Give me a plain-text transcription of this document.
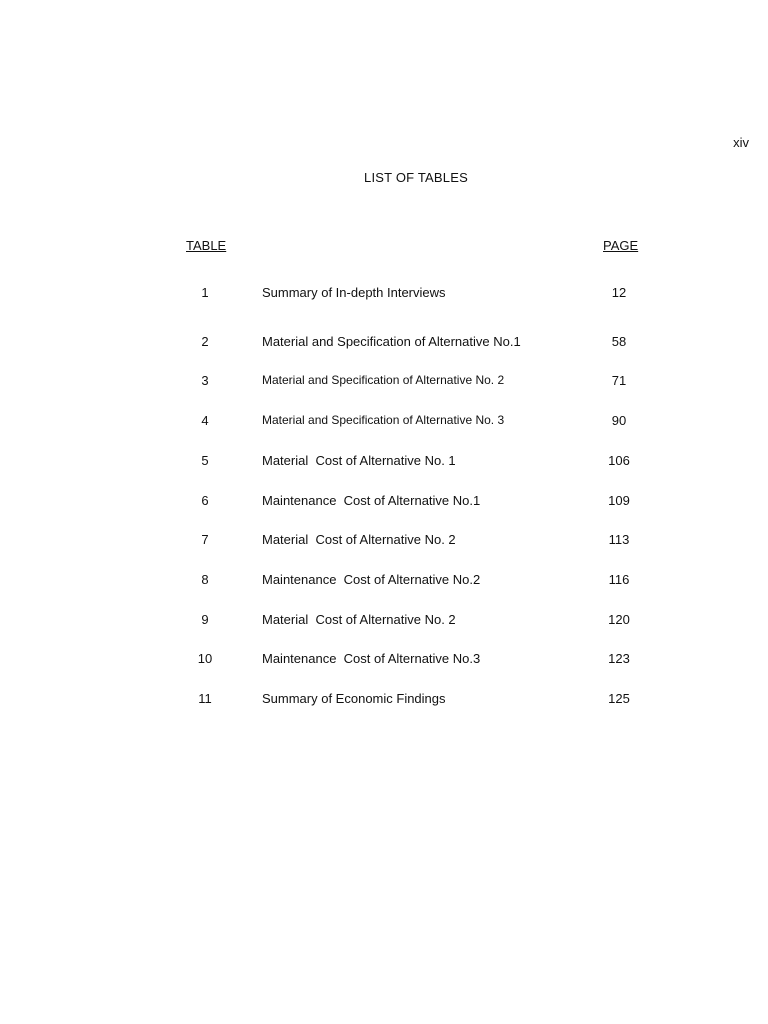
xiv
LIST OF TABLES
TABLE	PAGE
1	Summary of In-depth Interviews	12
2	Material and Specification of Alternative No.1	58
3	Material and Specification of Alternative No. 2	71
4	Material and Specification of Alternative No. 3	90
5	Material  Cost of Alternative No. 1	106
6	Maintenance  Cost of Alternative No.1	109
7	Material  Cost of Alternative No. 2	113
8	Maintenance  Cost of Alternative No.2	116
9	Material  Cost of Alternative No. 2	120
10	Maintenance  Cost of Alternative No.3	123
11	Summary of Economic Findings	125
